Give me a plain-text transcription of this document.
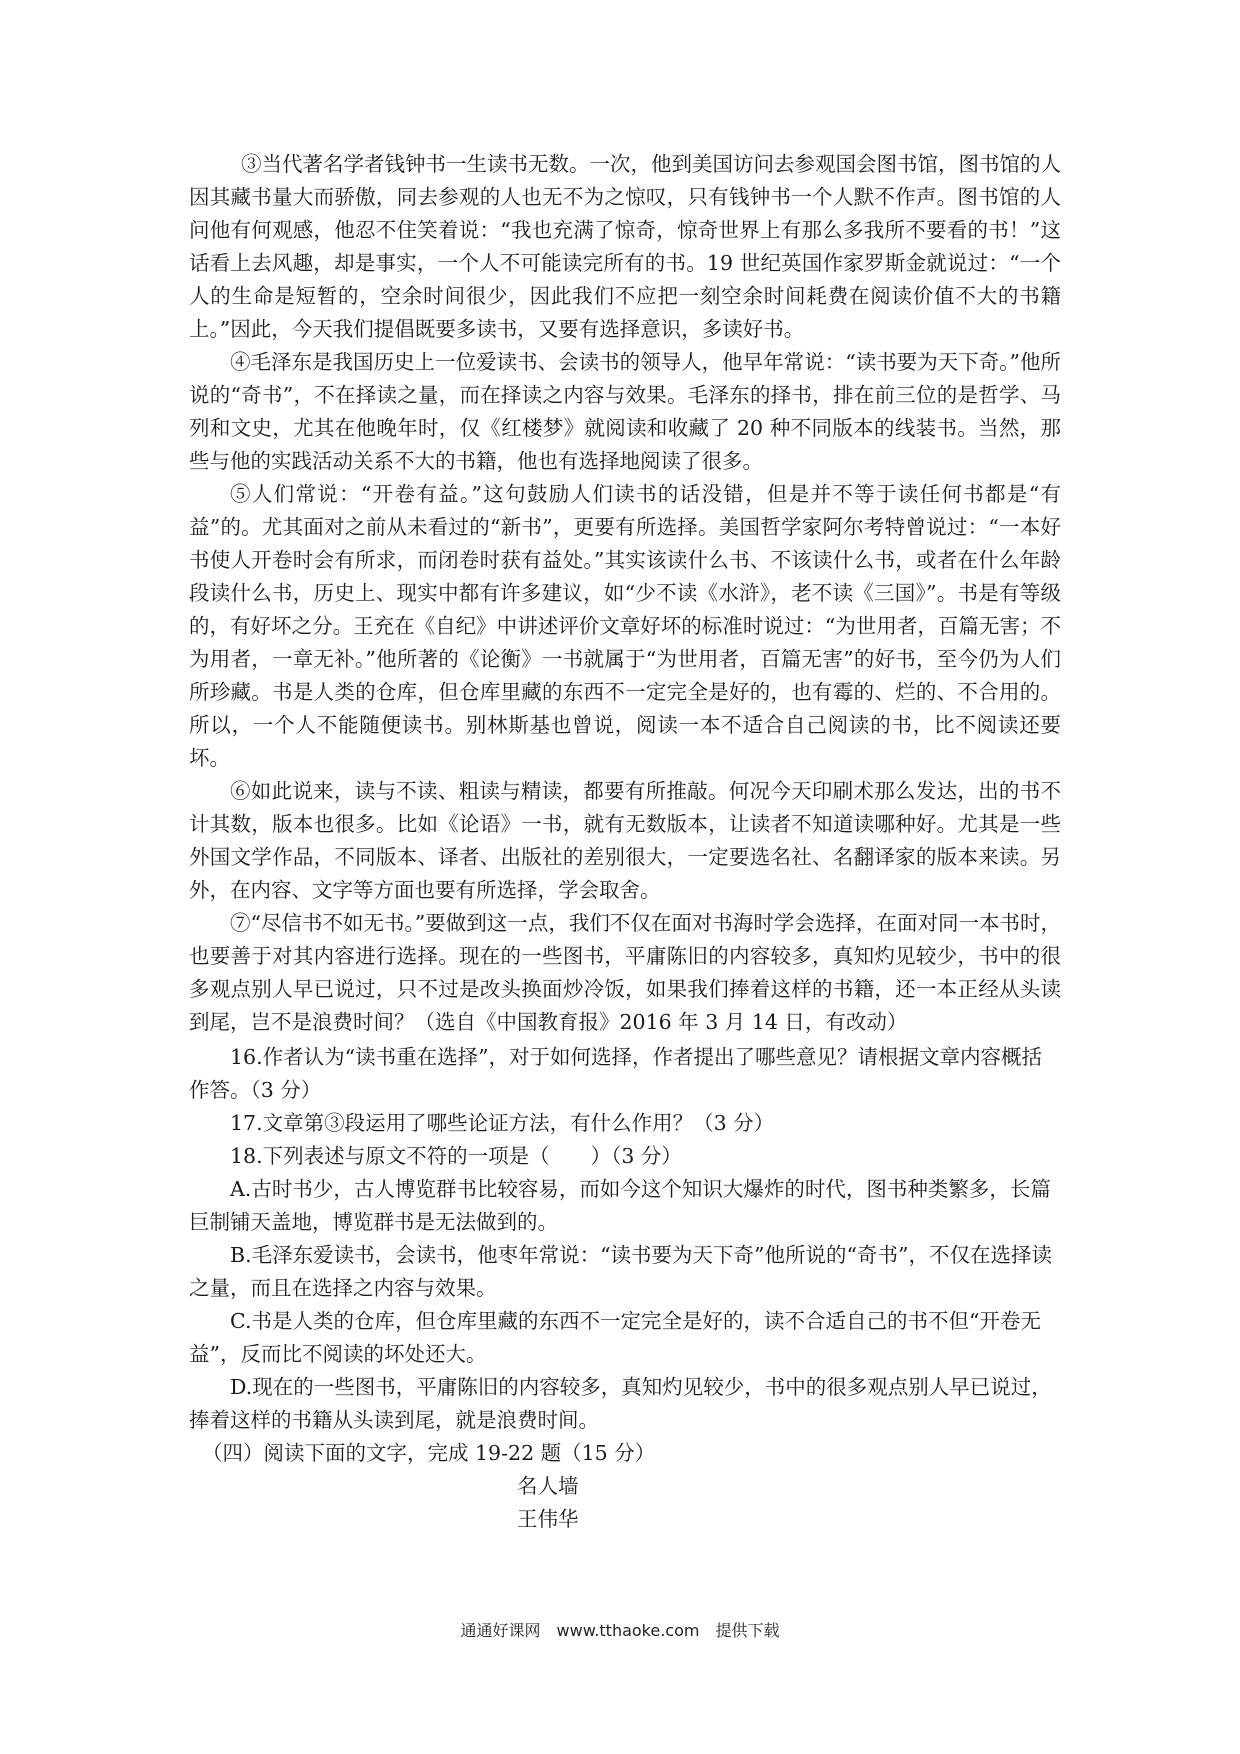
③当代著名学者钱钟书一生读书无数。一次，他到美国访问去参观国会图书馆，图书馆的人因其藏书量大而骄傲，同去参观的人也无不为之惊叹，只有钱钟书一个人默不作声。图书馆的人问他有何观感，他忍不住笑着说：“我也充满了惊奇，惊奇世界上有那么多我所不要看的书！”这话看上去风趣，却是事实，一个人不可能读完所有的书。19 世纪英国作家罗斯金就说过：“一个人的生命是短暂的，空余时间很少，因此我们不应把一刻空余时间耗费在阅读价值不大的书籍上。”因此，今天我们提倡既要多读书，又要有选择意识，多读好书。

④毛泽东是我国历史上一位爱读书、会读书的领导人，他早年常说：“读书要为天下奇。”他所说的“奇书”，不在择读之量，而在择读之内容与效果。毛泽东的择书，排在前三位的是哲学、马列和文史，尤其在他晚年时，仅《红楼梦》就阅读和收藏了 20 种不同版本的线装书。当然，那些与他的实践活动关系不大的书籍，他也有选择地阅读了很多。

⑤人们常说：“开卷有益。”这句鼓励人们读书的话没错，但是并不等于读任何书都是“有益”的。尤其面对之前从未看过的“新书”，更要有所选择。美国哲学家阿尔考特曾说过：“一本好书使人开卷时会有所求，而闭卷时获有益处。”其实该读什么书、不该读什么书，或者在什么年龄段读什么书，历史上、现实中都有许多建议，如“少不读《水浒》，老不读《三国》”。书是有等级的，有好坏之分。王充在《自纪》中讲述评价文章好坏的标准时说过：“为世用者，百篇无害；不为用者，一章无补。”他所著的《论衡》一书就属于“为世用者，百篇无害”的好书，至今仍为人们所珍藏。书是人类的仓库，但仓库里藏的东西不一定完全是好的，也有霉的、烂的、不合用的。所以，一个人不能随便读书。别林斯基也曾说，阅读一本不适合自己阅读的书，比不阅读还要坏。

⑥如此说来，读与不读、粗读与精读，都要有所推敲。何况今天印刷术那么发达，出的书不计其数，版本也很多。比如《论语》一书，就有无数版本，让读者不知道读哪种好。尤其是一些外国文学作品，不同版本、译者、出版社的差别很大，一定要选名社、名翻译家的版本来读。另外，在内容、文字等方面也要有所选择，学会取舍。

⑦“尽信书不如无书。”要做到这一点，我们不仅在面对书海时学会选择，在面对同一本书时，也要善于对其内容进行选择。现在的一些图书，平庸陈旧的内容较多，真知灼见较少，书中的很多观点别人早已说过，只不过是改头换面炒冷饭，如果我们捧着这样的书籍，还一本正经从头读到尾，岂不是浪费时间？（选自《中国教育报》2016 年 3 月 14 日，有改动）

16.作者认为“读书重在选择”，对于如何选择，作者提出了哪些意见？请根据文章内容概括作答。（3 分）

17.文章第③段运用了哪些论证方法，有什么作用？（3 分）

18.下列表述与原文不符的一项是（　　）（3 分）

A.古时书少，古人博览群书比较容易，而如今这个知识大爆炸的时代，图书种类繁多，长篇巨制铺天盖地，博览群书是无法做到的。

B.毛泽东爱读书，会读书，他枣年常说：“读书要为天下奇”他所说的“奇书”，不仅在选择读之量，而且在选择之内容与效果。

C.书是人类的仓库，但仓库里藏的东西不一定完全是好的，读不合适自己的书不但“开卷无益”，反而比不阅读的坏处还大。

D.现在的一些图书，平庸陈旧的内容较多，真知灼见较少，书中的很多观点别人早已说过，捧着这样的书籍从头读到尾，就是浪费时间。

（四）阅读下面的文字，完成 19-22 题（15 分）

名人墙

王伟华

通通好课网　www.tthaoke.com　提供下载
